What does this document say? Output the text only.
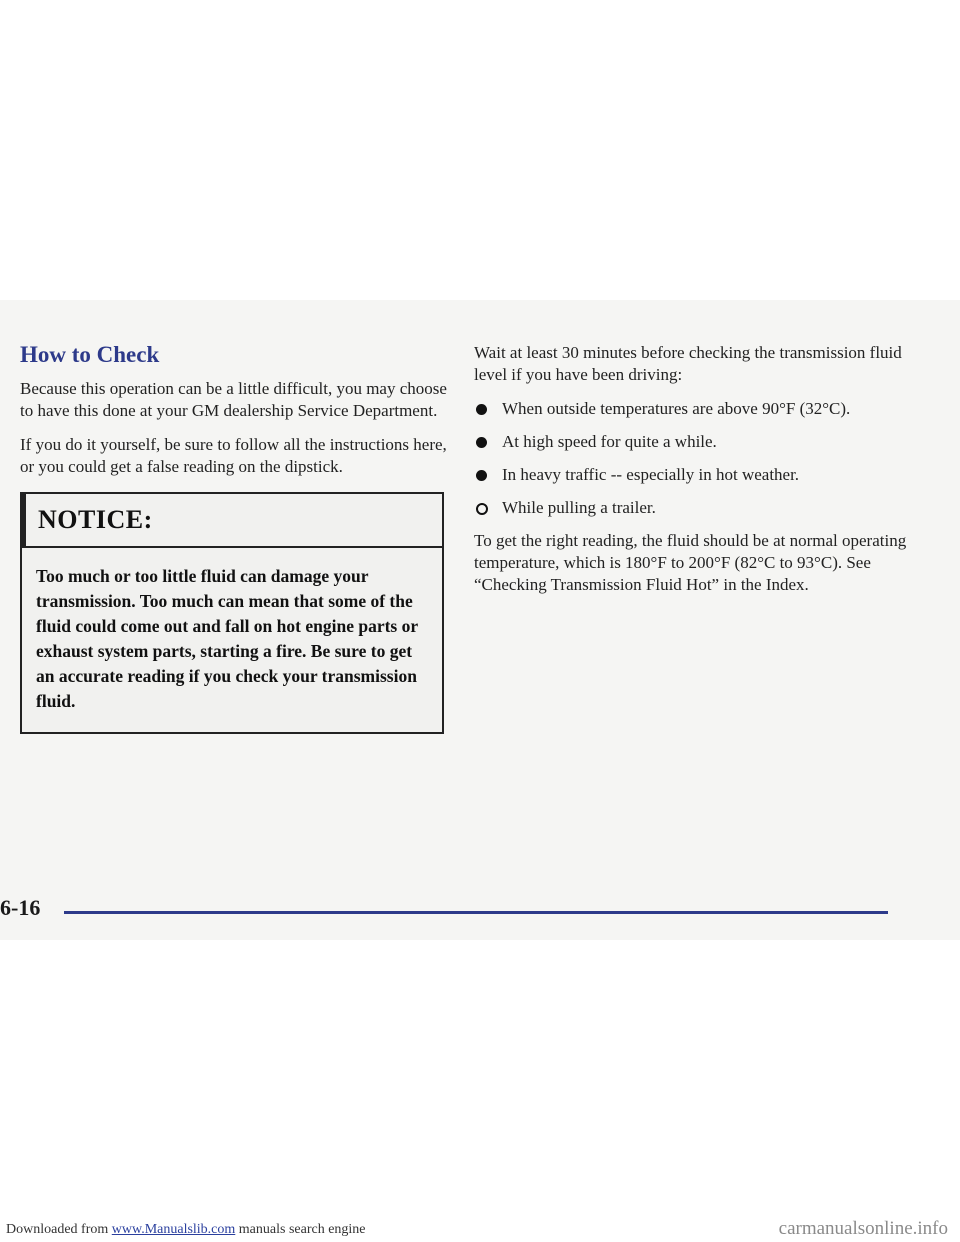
How to Check

Because this operation can be a little difficult, you may choose to have this done at your GM dealership Service Department.

If you do it yourself, be sure to follow all the instructions here, or you could get a false reading on the dipstick.

NOTICE:
Too much or too little fluid can damage your transmission. Too much can mean that some of the fluid could come out and fall on hot engine parts or exhaust system parts, starting a fire. Be sure to get an accurate reading if you check your transmission fluid.

Wait at least 30 minutes before checking the transmission fluid level if you have been driving:

When outside temperatures are above 90°F (32°C).
At high speed for quite a while.
In heavy traffic -- especially in hot weather.
While pulling a trailer.

To get the right reading, the fluid should be at normal operating temperature, which is 180°F to 200°F (82°C to 93°C). See “Checking Transmission Fluid Hot” in the Index.

6-16
Downloaded from www.Manualslib.com manuals search engine	carmanualsonline.info
